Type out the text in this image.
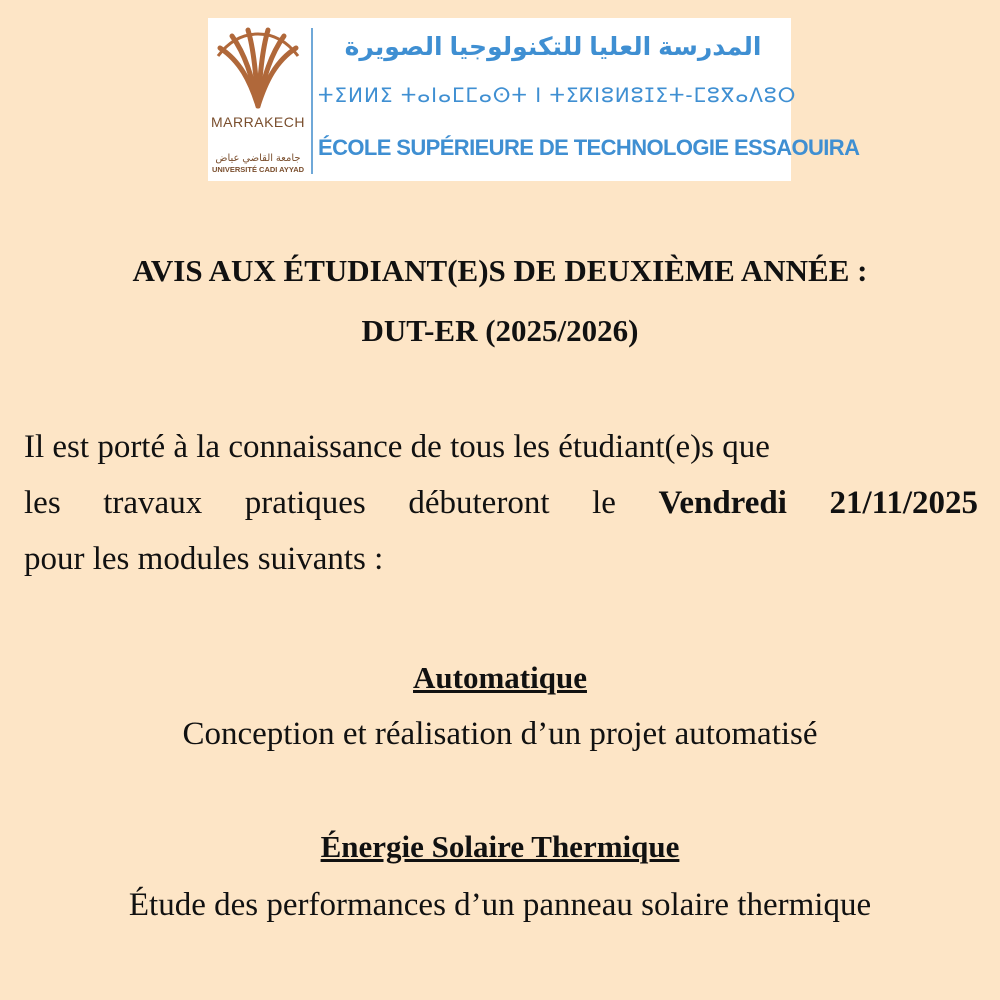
MARRAKECH
جامعة القاضي عياض
UNIVERSITÉ CADI AYYAD
المدرسة العليا للتكنولوجيا الصويرة
ⵜⵉⵍⵍⵉ ⵜⴰⵏⴰⵎⵎⴰⵙⵜ ⵏ ⵜⵉⴽⵏⵓⵍⵓⵊⵉⵜ-ⵎⵓⴳⴰⴷⵓⵔ
ÉCOLE SUPÉRIEURE DE TECHNOLOGIE ESSAOUIRA
AVIS AUX ÉTUDIANT(E)S DE DEUXIÈME ANNÉE :
DUT-ER (2025/2026)
Il est porté à la connaissance de tous les étudiant(e)s que
les travaux pratiques débuteront le Vendredi 21/11/2025
pour les modules suivants :
Automatique
Conception et réalisation d’un projet automatisé
Énergie Solaire Thermique
Étude des performances d’un panneau solaire thermique
